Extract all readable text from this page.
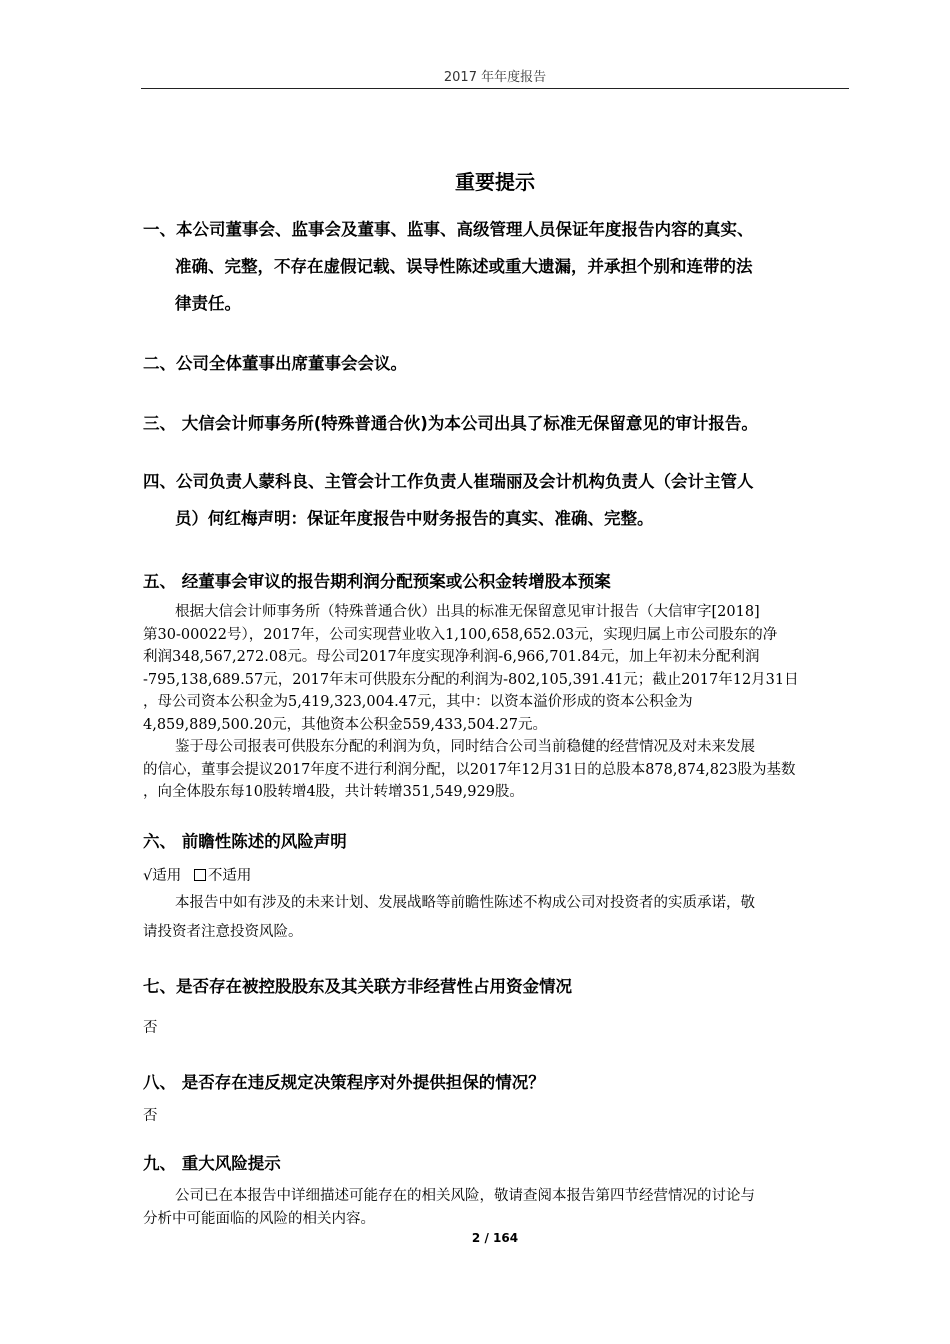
2017 年年度报告
重要提示
一、本公司董事会、监事会及董事、监事、高级管理人员保证年度报告内容的真实、
准确、完整，不存在虚假记载、误导性陈述或重大遗漏，并承担个别和连带的法
律责任。
二、公司全体董事出席董事会会议。
三、 大信会计师事务所(特殊普通合伙)为本公司出具了标准无保留意见的审计报告。
四、公司负责人蒙科良、主管会计工作负责人崔瑞丽及会计机构负责人（会计主管人
员）何红梅声明：保证年度报告中财务报告的真实、准确、完整。
五、 经董事会审议的报告期利润分配预案或公积金转增股本预案
根据大信会计师事务所（特殊普通合伙）出具的标准无保留意见审计报告（大信审字[2018]
第30-00022号），2017年，公司实现营业收入1,100,658,652.03元，实现归属上市公司股东的净
利润348,567,272.08元。母公司2017年度实现净利润-6,966,701.84元，加上年初未分配利润
-795,138,689.57元，2017年末可供股东分配的利润为-802,105,391.41元；截止2017年12月31日
，母公司资本公积金为5,419,323,004.47元，其中：以资本溢价形成的资本公积金为
4,859,889,500.20元，其他资本公积金559,433,504.27元。
鉴于母公司报表可供股东分配的利润为负，同时结合公司当前稳健的经营情况及对未来发展
的信心，董事会提议2017年度不进行利润分配，以2017年12月31日的总股本878,874,823股为基数
，向全体股东每10股转增4股，共计转增351,549,929股。
六、 前瞻性陈述的风险声明
√适用 不适用
本报告中如有涉及的未来计划、发展战略等前瞻性陈述不构成公司对投资者的实质承诺，敬
请投资者注意投资风险。
七、是否存在被控股股东及其关联方非经营性占用资金情况
否
八、 是否存在违反规定决策程序对外提供担保的情况？
否
九、 重大风险提示
公司已在本报告中详细描述可能存在的相关风险，敬请查阅本报告第四节经营情况的讨论与
分析中可能面临的风险的相关内容。
2 / 164
